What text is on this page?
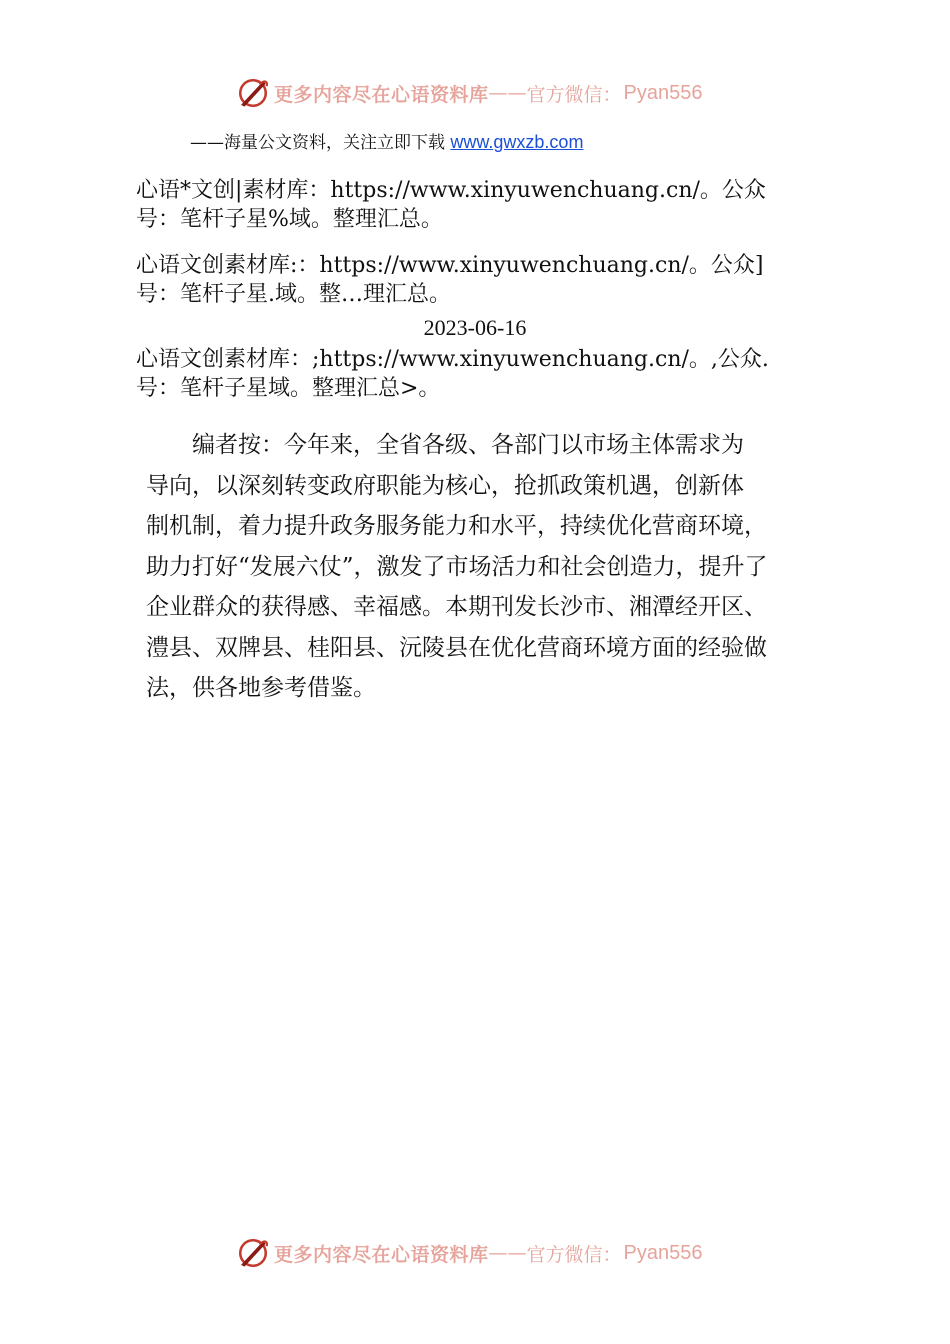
更多内容尽在心语资料库 —— 官方微信： Pyan556
——海量公文资料，关注立即下载 www.gwxzb.com
心语*文创|素材库：https://www.xinyuwenchuang.cn/。公众
号：笔杆子星%域。整理汇总。
心语文创素材库:：https://www.xinyuwenchuang.cn/。公众]
号：笔杆子星.域。整…理汇总。
2023-06-16
心语文创素材库：;https://www.xinyuwenchuang.cn/。,公众.
号：笔杆子星域。整理汇总>。
　　编者按：今年来，全省各级、各部门以市场主体需求为
导向，以深刻转变政府职能为核心，抢抓政策机遇，创新体
制机制，着力提升政务服务能力和水平，持续优化营商环境，
助力打好“发展六仗”，激发了市场活力和社会创造力，提升了
企业群众的获得感、幸福感。本期刊发长沙市、湘潭经开区、
澧县、双牌县、桂阳县、沅陵县在优化营商环境方面的经验做
法，供各地参考借鉴。
更多内容尽在心语资料库 —— 官方微信： Pyan556
